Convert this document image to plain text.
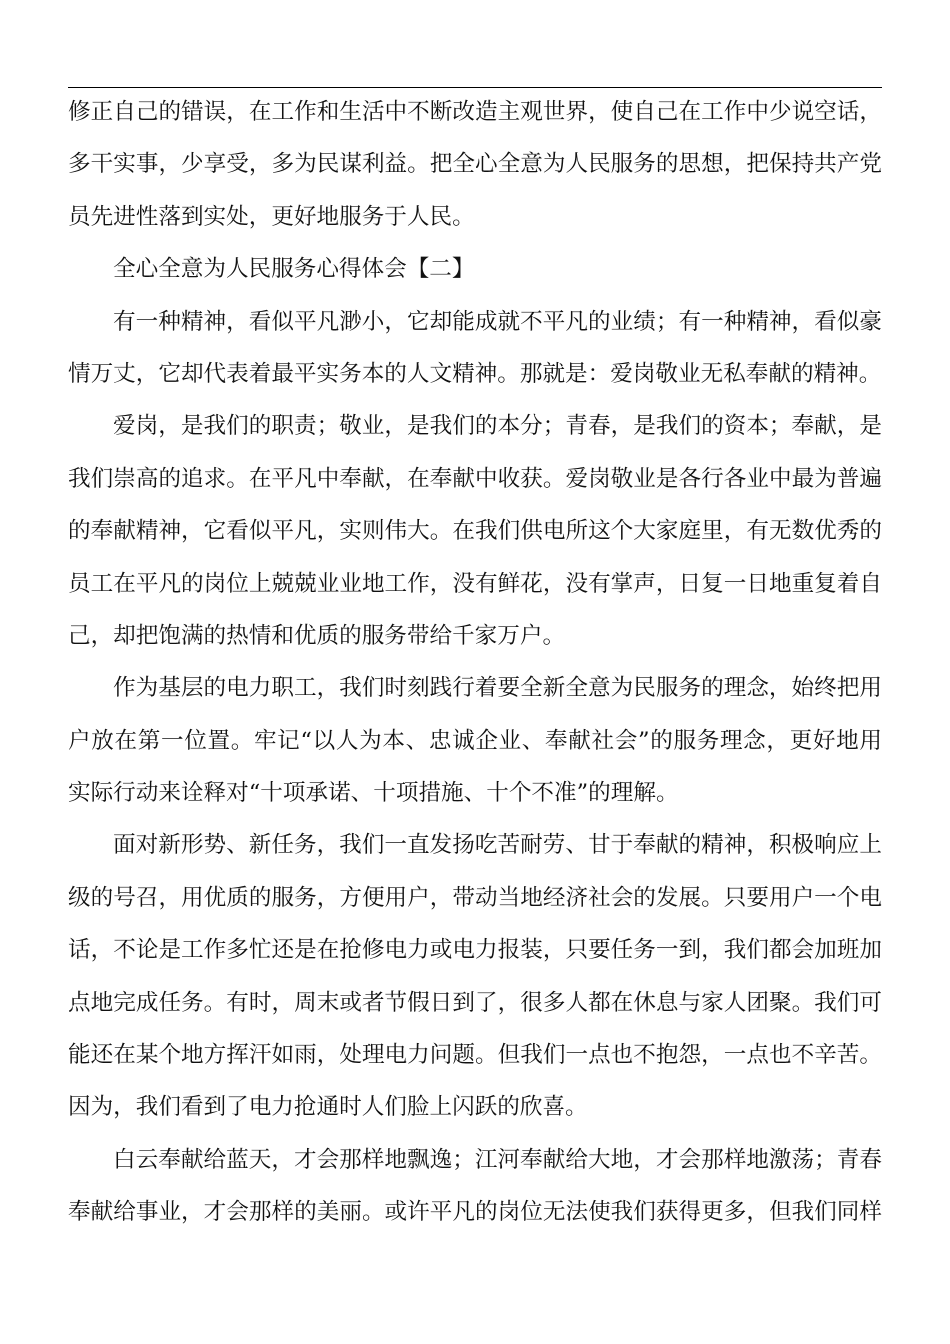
修正自己的错误，在工作和生活中不断改造主观世界，使自己在工作中少说空话，
多干实事，少享受，多为民谋利益。把全心全意为人民服务的思想，把保持共产党
员先进性落到实处，更好地服务于人民。
全心全意为人民服务心得体会【二】
有一种精神，看似平凡渺小，它却能成就不平凡的业绩；有一种精神，看似豪
情万丈，它却代表着最平实务本的人文精神。那就是：爱岗敬业无私奉献的精神。
爱岗，是我们的职责；敬业，是我们的本分；青春，是我们的资本；奉献，是
我们崇高的追求。在平凡中奉献，在奉献中收获。爱岗敬业是各行各业中最为普遍
的奉献精神，它看似平凡，实则伟大。在我们供电所这个大家庭里，有无数优秀的
员工在平凡的岗位上兢兢业业地工作，没有鲜花，没有掌声，日复一日地重复着自
己，却把饱满的热情和优质的服务带给千家万户。
作为基层的电力职工，我们时刻践行着要全新全意为民服务的理念，始终把用
户放在第一位置。牢记“以人为本、忠诚企业、奉献社会”的服务理念，更好地用
实际行动来诠释对“十项承诺、十项措施、十个不准”的理解。
面对新形势、新任务，我们一直发扬吃苦耐劳、甘于奉献的精神，积极响应上
级的号召，用优质的服务，方便用户，带动当地经济社会的发展。只要用户一个电
话，不论是工作多忙还是在抢修电力或电力报装，只要任务一到，我们都会加班加
点地完成任务。有时，周末或者节假日到了，很多人都在休息与家人团聚。我们可
能还在某个地方挥汗如雨，处理电力问题。但我们一点也不抱怨，一点也不辛苦。
因为，我们看到了电力抢通时人们脸上闪跃的欣喜。
白云奉献给蓝天，才会那样地飘逸；江河奉献给大地，才会那样地激荡；青春
奉献给事业，才会那样的美丽。或许平凡的岗位无法使我们获得更多，但我们同样
